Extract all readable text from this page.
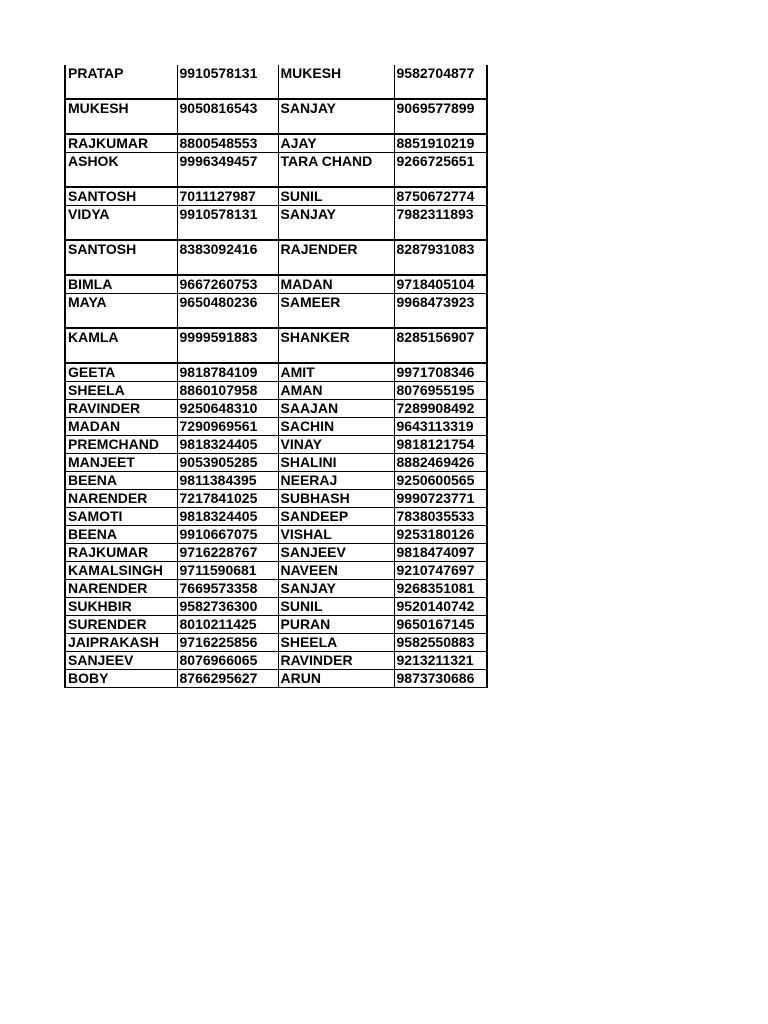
PRATAP	9910578131	MUKESH	9582704877
MUKESH	9050816543	SANJAY	9069577899
RAJKUMAR	8800548553	AJAY	8851910219
ASHOK	9996349457	TARA CHAND	9266725651
SANTOSH	7011127987	SUNIL	8750672774
VIDYA	9910578131	SANJAY	7982311893
SANTOSH	8383092416	RAJENDER	8287931083
BIMLA	9667260753	MADAN	9718405104
MAYA	9650480236	SAMEER	9968473923
KAMLA	9999591883	SHANKER	8285156907
GEETA	9818784109	AMIT	9971708346
SHEELA	8860107958	AMAN	8076955195
RAVINDER	9250648310	SAAJAN	7289908492
MADAN	7290969561	SACHIN	9643113319
PREMCHAND	9818324405	VINAY	9818121754
MANJEET	9053905285	SHALINI	8882469426
BEENA	9811384395	NEERAJ	9250600565
NARENDER	7217841025	SUBHASH	9990723771
SAMOTI	9818324405	SANDEEP	7838035533
BEENA	9910667075	VISHAL	9253180126
RAJKUMAR	9716228767	SANJEEV	9818474097
KAMALSINGH	9711590681	NAVEEN	9210747697
NARENDER	7669573358	SANJAY	9268351081
SUKHBIR	9582736300	SUNIL	9520140742
SURENDER	8010211425	PURAN	9650167145
JAIPRAKASH	9716225856	SHEELA	9582550883
SANJEEV	8076966065	RAVINDER	9213211321
BOBY	8766295627	ARUN	9873730686
